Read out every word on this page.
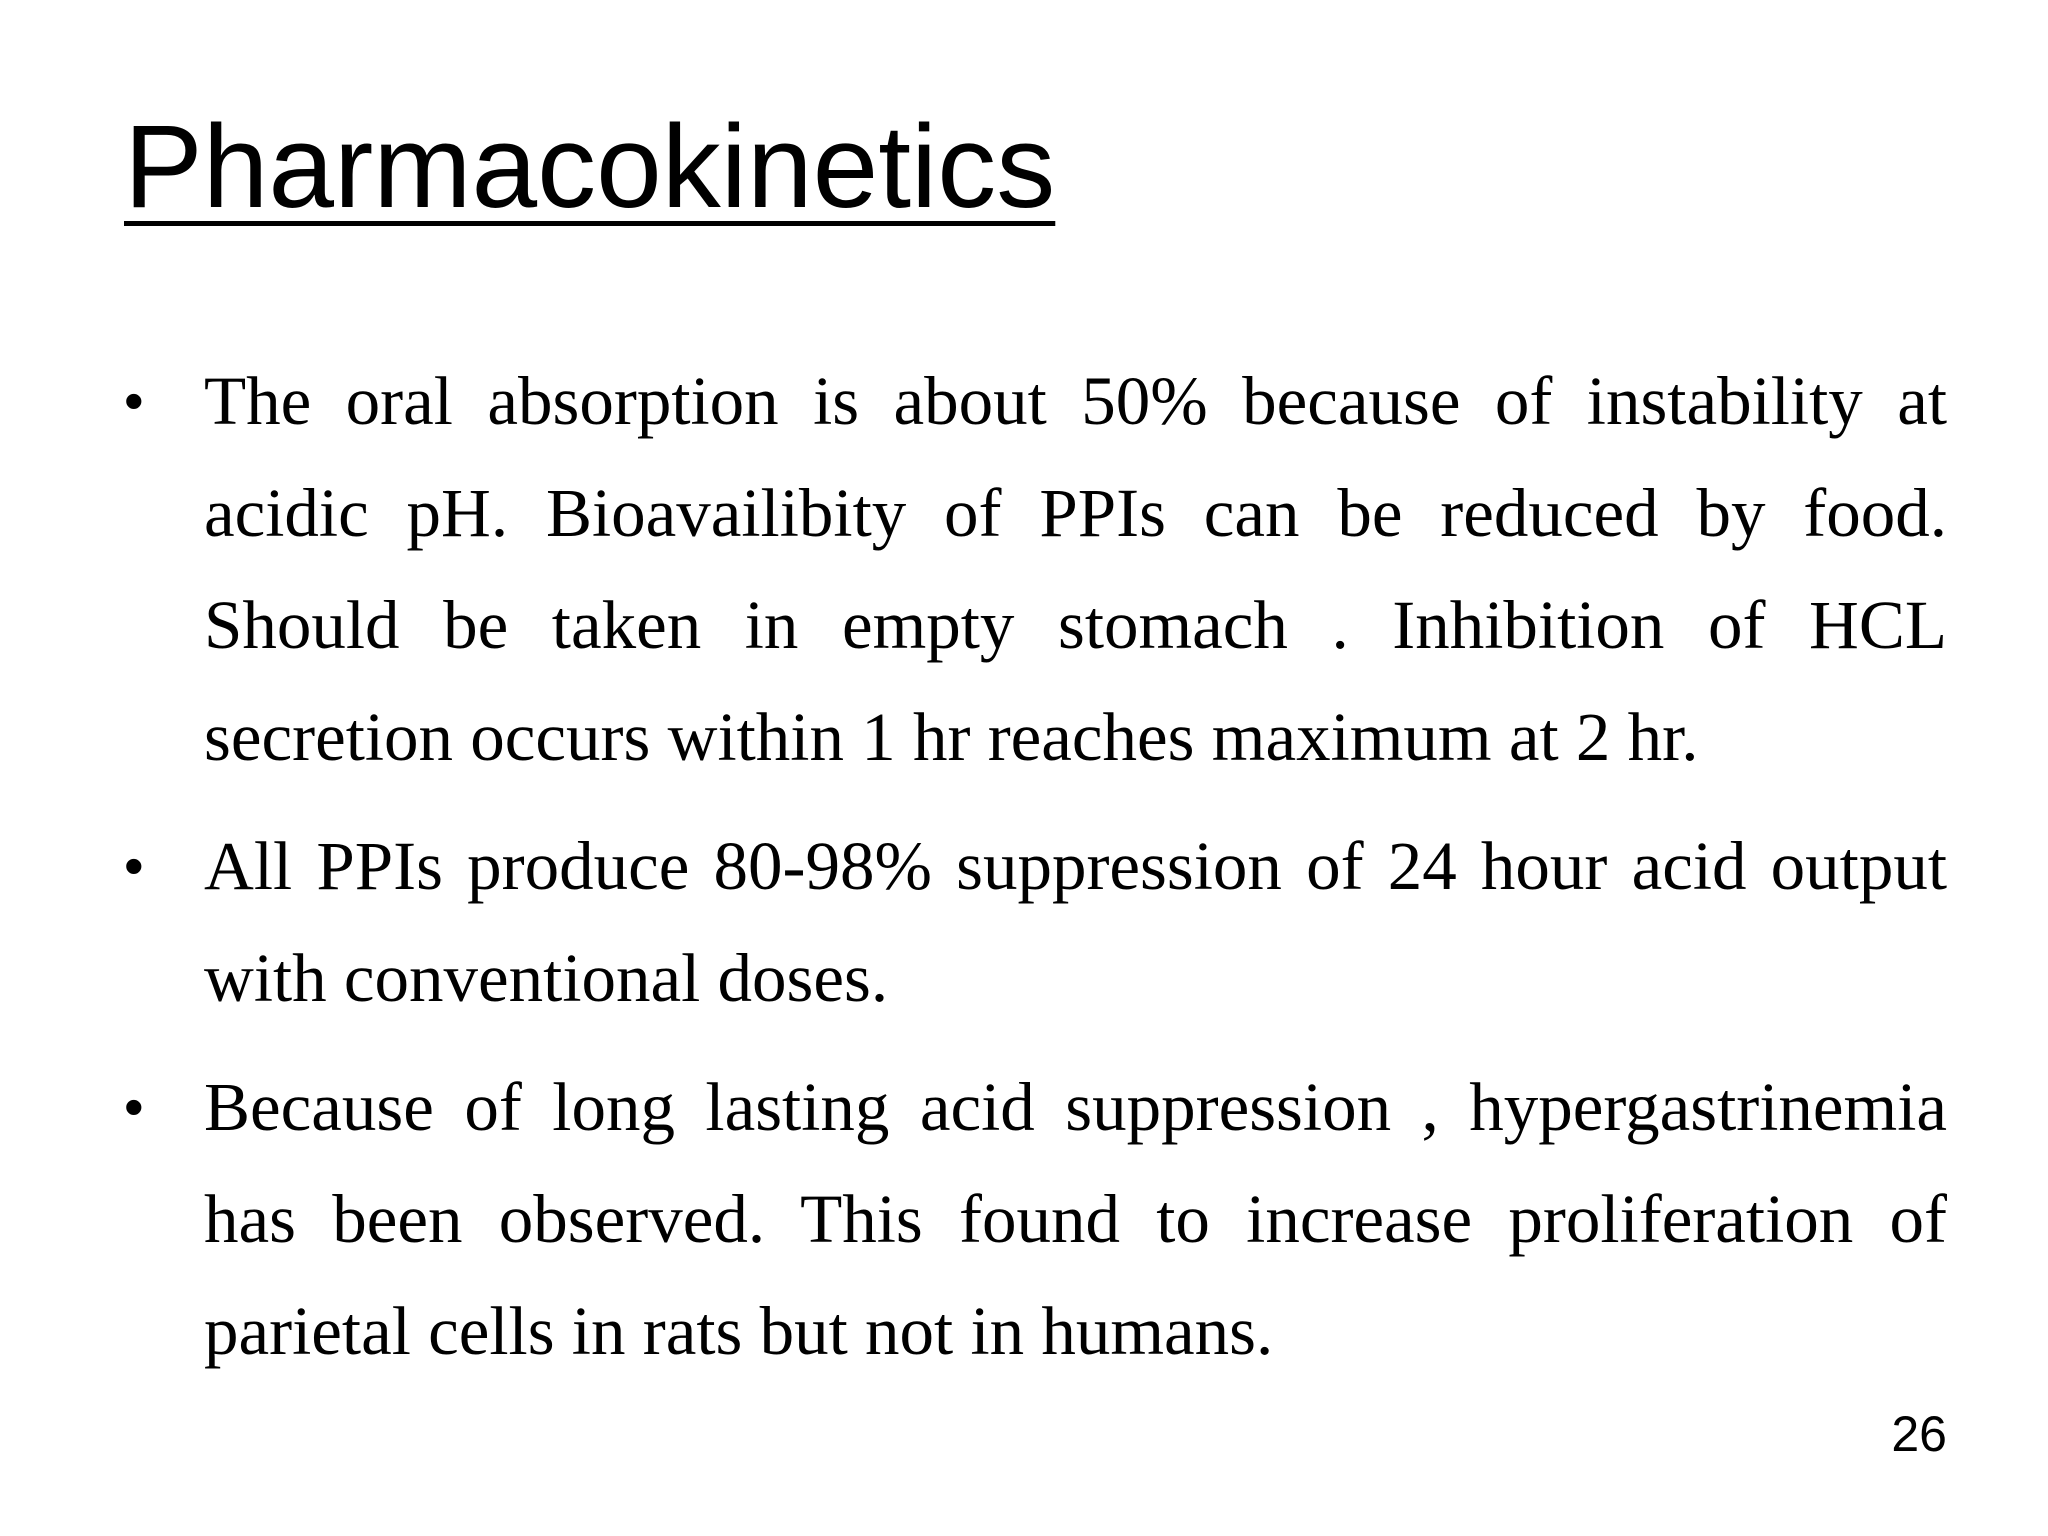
Pharmacokinetics
• The oral absorption is about 50% because of instability at acidic pH. Bioavailibity of PPIs can be reduced by food. Should be taken in empty stomach . Inhibition of HCL secretion occurs within 1 hr reaches maximum at 2 hr.
• All PPIs produce 80-98% suppression of 24 hour acid output with conventional doses.
• Because of long lasting acid suppression , hypergastrinemia has been observed. This found to increase proliferation of parietal cells in rats but not in humans.
26
